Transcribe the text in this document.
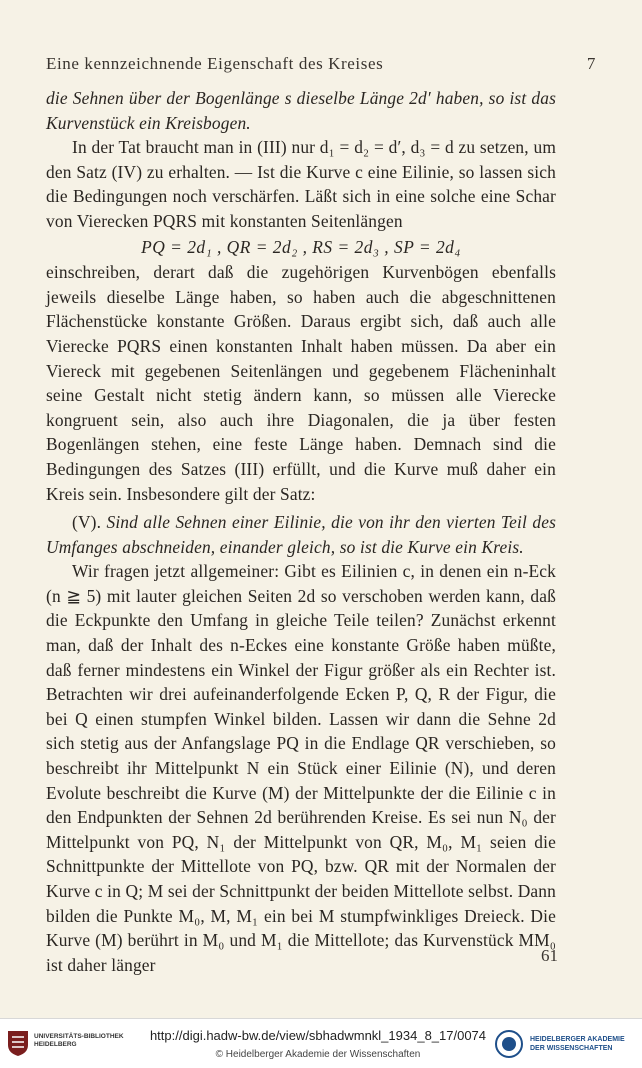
Eine kennzeichnende Eigenschaft des Kreises	7

die Sehnen über der Bogenlänge s dieselbe Länge 2d′ haben, so ist das Kurvenstück ein Kreisbogen.

In der Tat braucht man in (III) nur d₁ = d₂ = d′, d₃ = d zu setzen, um den Satz (IV) zu erhalten. — Ist die Kurve c eine Eilinie, so lassen sich die Bedingungen noch verschärfen. Läßt sich in eine solche eine Schar von Vierecken PQRS mit konstanten Seitenlängen

PQ = 2d₁ , QR = 2d₂ , RS = 2d₃ , SP = 2d₄

einschreiben, derart daß die zugehörigen Kurvenbögen ebenfalls jeweils dieselbe Länge haben, so haben auch die abgeschnittenen Flächenstücke konstante Größen. Daraus ergibt sich, daß auch alle Vierecke PQRS einen konstanten Inhalt haben müssen. Da aber ein Viereck mit gegebenen Seitenlängen und gegebenem Flächeninhalt seine Gestalt nicht stetig ändern kann, so müssen alle Vierecke kongruent sein, also auch ihre Diagonalen, die ja über festen Bogenlängen stehen, eine feste Länge haben. Demnach sind die Bedingungen des Satzes (III) erfüllt, und die Kurve muß daher ein Kreis sein. Insbesondere gilt der Satz:

(V). Sind alle Sehnen einer Eilinie, die von ihr den vierten Teil des Umfanges abschneiden, einander gleich, so ist die Kurve ein Kreis.

Wir fragen jetzt allgemeiner: Gibt es Eilinien c, in denen ein n-Eck (n ≧ 5) mit lauter gleichen Seiten 2d so verschoben werden kann, daß die Eckpunkte den Umfang in gleiche Teile teilen? Zunächst erkennt man, daß der Inhalt des n-Eckes eine konstante Größe haben müßte, daß ferner mindestens ein Winkel der Figur größer als ein Rechter ist. Betrachten wir drei aufeinanderfolgende Ecken P, Q, R der Figur, die bei Q einen stumpfen Winkel bilden. Lassen wir dann die Sehne 2d sich stetig aus der Anfangslage PQ in die Endlage QR verschieben, so beschreibt ihr Mittelpunkt N ein Stück einer Eilinie (N), und deren Evolute beschreibt die Kurve (M) der Mittelpunkte der die Eilinie c in den Endpunkten der Sehnen 2d berührenden Kreise. Es sei nun N₀ der Mittelpunkt von PQ, N₁ der Mittelpunkt von QR, M₀, M₁ seien die Schnittpunkte der Mittellote von PQ, bzw. QR mit der Normalen der Kurve c in Q; M sei der Schnittpunkt der beiden Mittellote selbst. Dann bilden die Punkte M₀, M, M₁ ein bei M stumpfwinkliges Dreieck. Die Kurve (M) berührt in M₀ und M₁ die Mittellote; das Kurvenstück MM₀ ist daher länger	61
UNIVERSITÄTS-BIBLIOTHEK HEIDELBERG
http://digi.hadw-bw.de/view/sbhadwmnkl_1934_8_17/0074
© Heidelberger Akademie der Wissenschaften
HEIDELBERGER AKADEMIE DER WISSENSCHAFTEN
